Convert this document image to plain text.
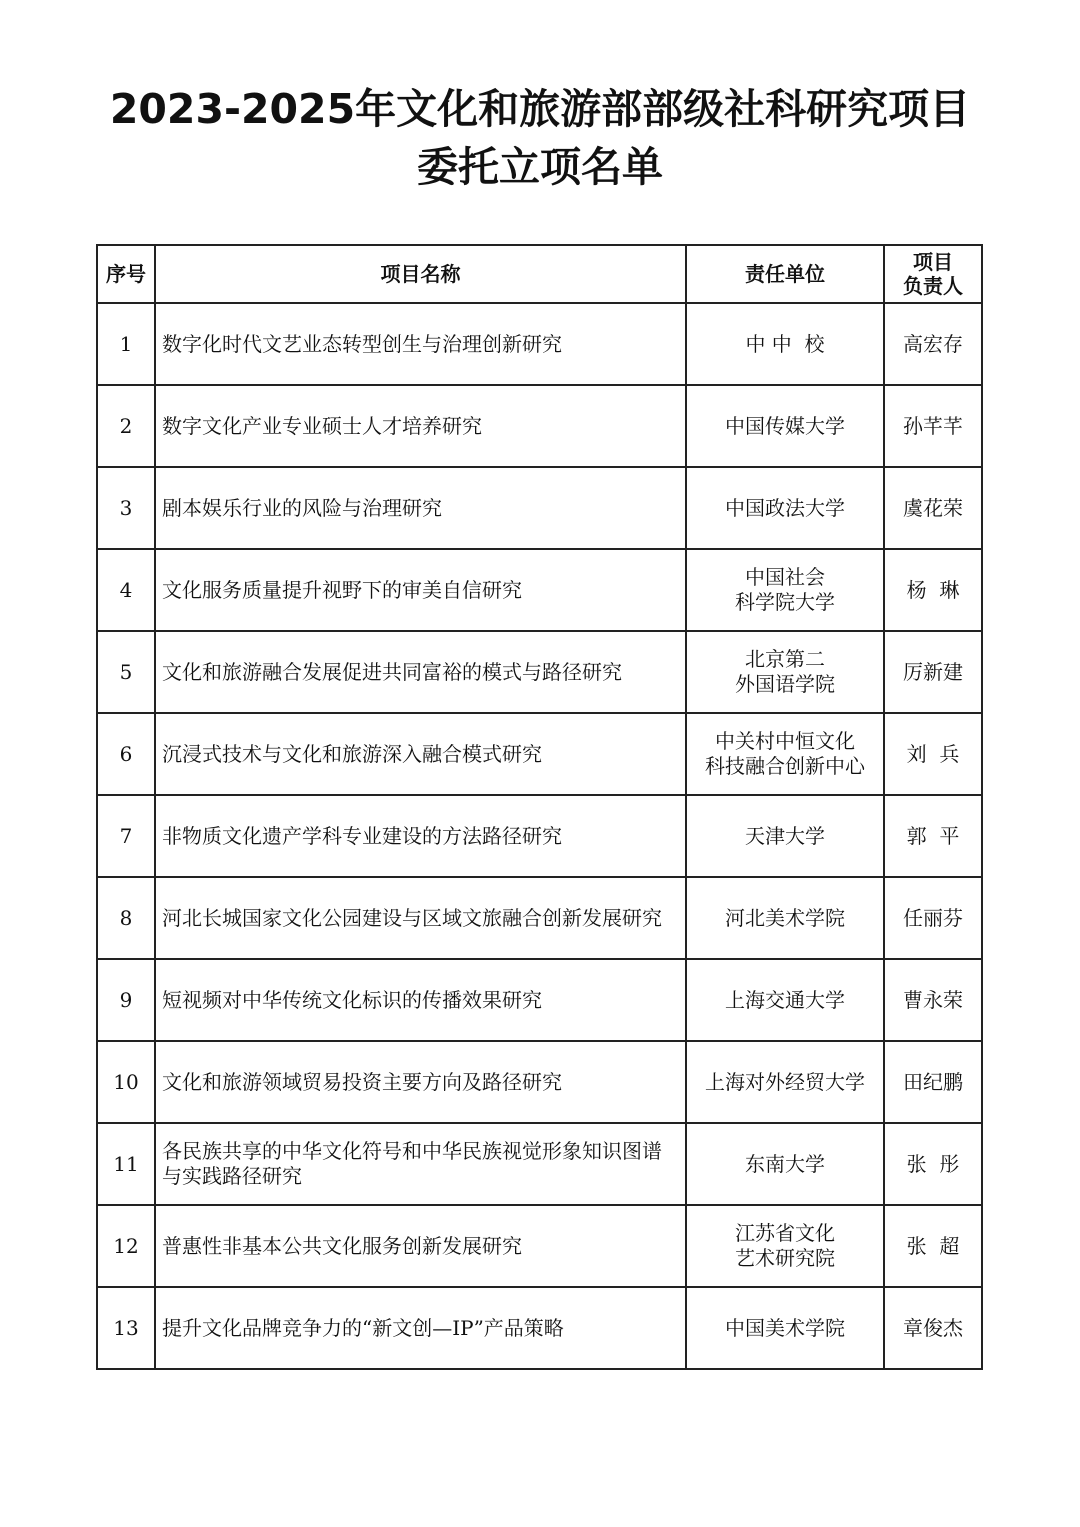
2023-2025年文化和旅游部部级社科研究项目
委托立项名单
序号	项目名称	责任单位	项目
负责人

1	数字化时代文艺业态转型创生与治理创新研究	中 中  校	高宏存
2	数字文化产业专业硕士人才培养研究	中国传媒大学	孙芊芊
3	剧本娱乐行业的风险与治理研究	中国政法大学	虞花荣
4	文化服务质量提升视野下的审美自信研究	中国社会
科学院大学	杨  琳
5	文化和旅游融合发展促进共同富裕的模式与路径研究	北京第二
外国语学院	厉新建
6	沉浸式技术与文化和旅游深入融合模式研究	中关村中恒文化
科技融合创新中心	刘  兵
7	非物质文化遗产学科专业建设的方法路径研究	天津大学	郭  平
8	河北长城国家文化公园建设与区域文旅融合创新发展研究	河北美术学院	任丽芬
9	短视频对中华传统文化标识的传播效果研究	上海交通大学	曹永荣
10	文化和旅游领域贸易投资主要方向及路径研究	上海对外经贸大学	田纪鹏
11	各民族共享的中华文化符号和中华民族视觉形象知识图谱与实践路径研究	东南大学	张  彤
12	普惠性非基本公共文化服务创新发展研究	江苏省文化
艺术研究院	张  超
13	提升文化品牌竞争力的“新文创—IP”产品策略	中国美术学院	章俊杰
